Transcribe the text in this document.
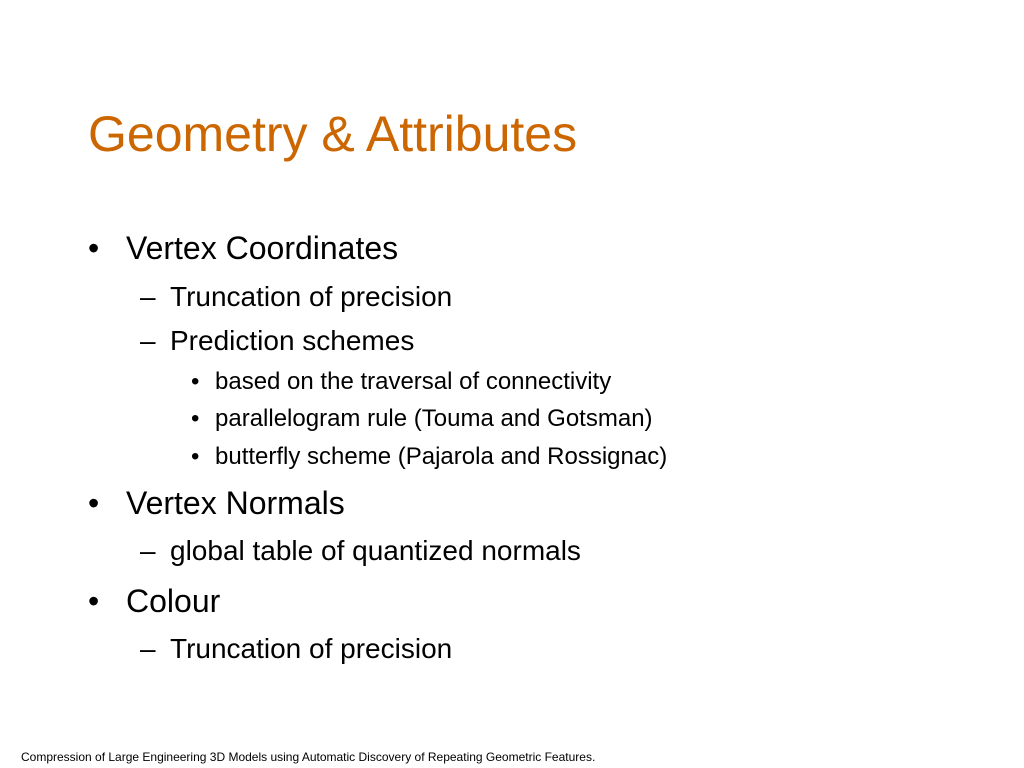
Geometry & Attributes
• Vertex Coordinates
– Truncation of precision
– Prediction schemes
• based on the traversal of connectivity
• parallelogram rule (Touma and Gotsman)
• butterfly scheme (Pajarola and Rossignac)
• Vertex Normals
– global table of quantized normals
• Colour
– Truncation of precision
Compression of Large Engineering 3D Models using Automatic Discovery of Repeating Geometric Features.
